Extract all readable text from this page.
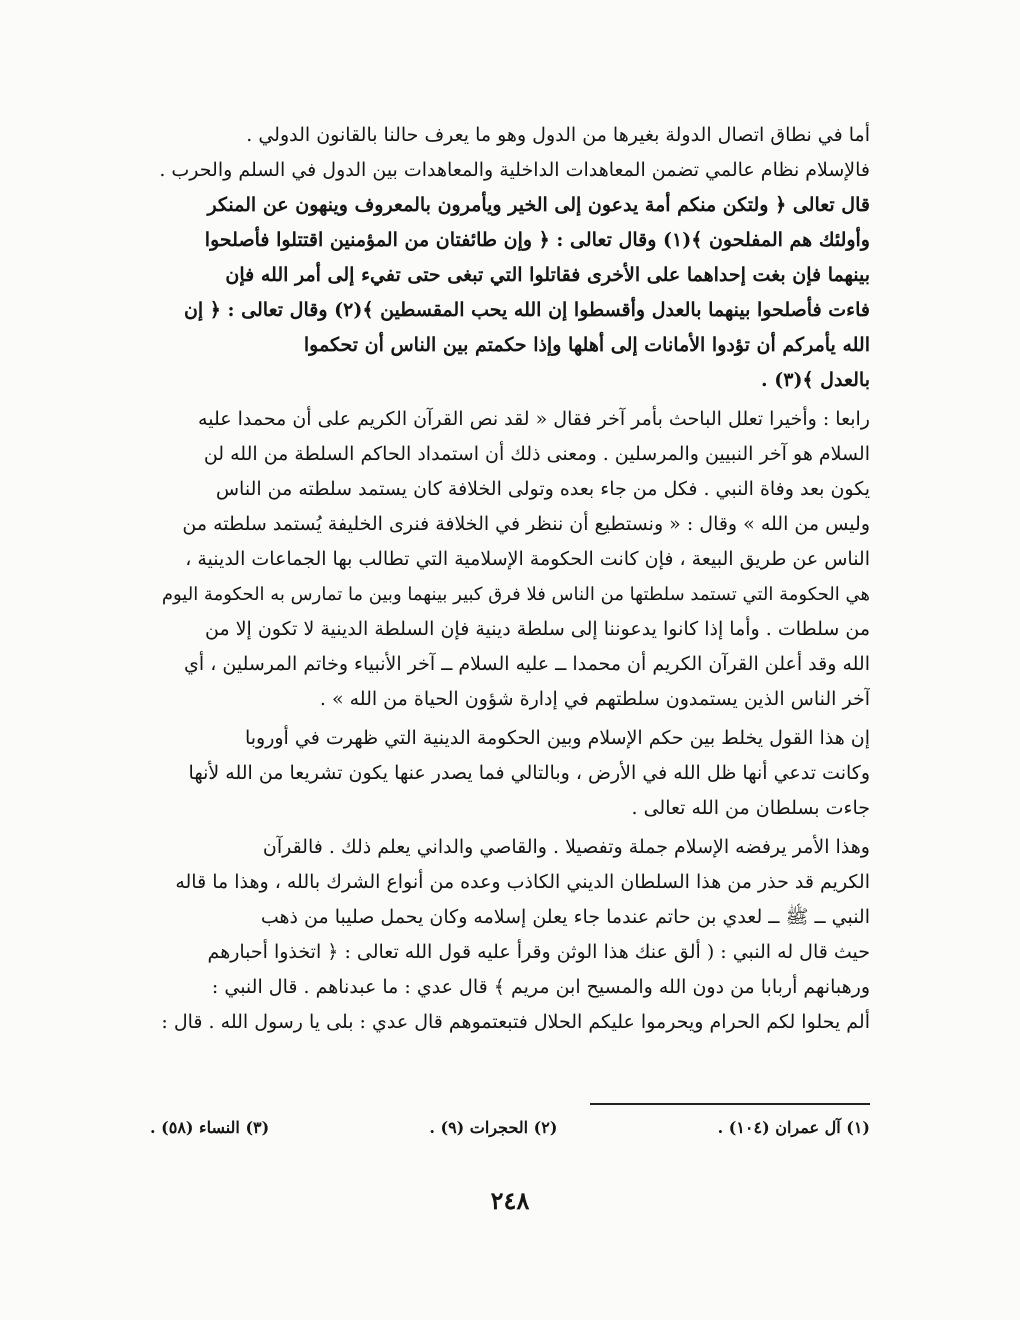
أما في نطاق اتصال الدولة بغيرها من الدول وهو ما يعرف حالنا بالقانون الدولي .
فالإسلام نظام عالمي تضمن المعاهدات الداخلية والمعاهدات بين الدول في السلم والحرب .
قال تعالى ﴿ ولتكن منكم أمة يدعون إلى الخير ويأمرون بالمعروف وينهون عن المنكر
وأولئك هم المفلحون ﴾(١) وقال تعالى : ﴿ وإن طائفتان من المؤمنين اقتتلوا فأصلحوا
بينهما فإن بغت إحداهما على الأخرى فقاتلوا التي تبغى حتى تفيء إلى أمر الله فإن
فاءت فأصلحوا بينهما بالعدل وأقسطوا إن الله يحب المقسطين ﴾(٢) وقال تعالى : ﴿ إن
الله يأمركم أن تؤدوا الأمانات إلى أهلها وإذا حكمتم بين الناس أن تحكموا
بالعدل ﴾(٣) .

رابعا : وأخيرا تعلل الباحث بأمر آخر فقال « لقد نص القرآن الكريم على أن محمدا عليه
السلام هو آخر النبيين والمرسلين . ومعنى ذلك أن استمداد الحاكم السلطة من الله لن
يكون بعد وفاة النبي . فكل من جاء بعده وتولى الخلافة كان يستمد سلطته من الناس
وليس من الله » وقال : « ونستطيع أن ننظر في الخلافة فنرى الخليفة يُستمد سلطته من
الناس عن طريق البيعة ، فإن كانت الحكومة الإسلامية التي تطالب بها الجماعات الدينية ،
هي الحكومة التي تستمد سلطتها من الناس فلا فرق كبير بينهما وبين ما تمارس به الحكومة اليوم
من سلطات . وأما إذا كانوا يدعوننا إلى سلطة دينية فإن السلطة الدينية لا تكون إلا من
الله وقد أعلن القرآن الكريم أن محمدا ــ عليه السلام ــ آخر الأنبياء وخاتم المرسلين ، أي
آخر الناس الذين يستمدون سلطتهم في إدارة شؤون الحياة من الله » .

إن هذا القول يخلط بين حكم الإسلام وبين الحكومة الدينية التي ظهرت في أوروبا
وكانت تدعي أنها ظل الله في الأرض ، وبالتالي فما يصدر عنها يكون تشريعا من الله لأنها
جاءت بسلطان من الله تعالى .

وهذا الأمر يرفضه الإسلام جملة وتفصيلا . والقاصي والداني يعلم ذلك . فالقرآن
الكريم قد حذر من هذا السلطان الديني الكاذب وعده من أنواع الشرك بالله ، وهذا ما قاله
النبي ــ ﷺ ــ لعدي بن حاتم عندما جاء يعلن إسلامه وكان يحمل صليبا من ذهب
حيث قال له النبي : ( ألق عنك هذا الوثن وقرأ عليه قول الله تعالى : ﴿ اتخذوا أحبارهم
ورهبانهم أربابا من دون الله والمسيح ابن مريم ﴾ قال عدي : ما عبدناهم . قال النبي :
ألم يحلوا لكم الحرام ويحرموا عليكم الحلال فتبعتموهم قال عدي : بلى يا رسول الله . قال :

(١) آل عمران (١٠٤) .
(٢) الحجرات (٩) .
(٣) النساء (٥٨) .
٢٤٨
